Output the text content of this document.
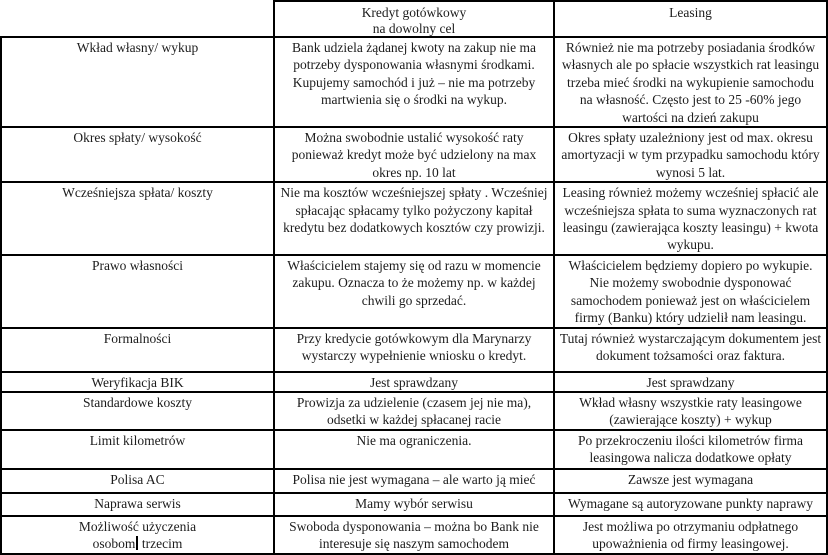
	Kredyt gotówkowy
na dowolny cel	Leasing
Wkład własny/ wykup	Bank udziela żądanej kwoty na zakup nie ma potrzeby dysponowania własnymi środkami. Kupujemy samochód i już – nie ma potrzeby martwienia się o środki na wykup.	Również nie ma potrzeby posiadania środków własnych ale po spłacie wszystkich rat leasingu trzeba mieć środki na wykupienie samochodu na własność. Często jest to 25 -60% jego wartości na dzień zakupu
Okres spłaty/ wysokość	Można swobodnie ustalić wysokość raty ponieważ kredyt może być udzielony na max okres np. 10 lat	Okres spłaty uzależniony jest od max. okresu amortyzacji w tym przypadku samochodu który wynosi 5 lat.
Wcześniejsza spłata/ koszty	Nie ma kosztów wcześniejszej spłaty . Wcześniej spłacając spłacamy tylko pożyczony kapitał kredytu bez dodatkowych kosztów czy prowizji.	Leasing również możemy wcześniej spłacić ale wcześniejsza spłata to suma wyznaczonych rat leasingu (zawierająca koszty leasingu) + kwota wykupu.
Prawo własności	Właścicielem stajemy się od razu w momencie zakupu. Oznacza to że możemy np. w każdej chwili go sprzedać.	Właścicielem będziemy dopiero po wykupie. Nie możemy swobodnie dysponować samochodem ponieważ jest on właścicielem firmy (Banku) który udzielił nam leasingu.
Formalności	Przy kredycie gotówkowym dla Marynarzy wystarczy wypełnienie wniosku o kredyt.	Tutaj również wystarczającym dokumentem jest dokument tożsamości oraz faktura.
Weryfikacja BIK	Jest sprawdzany	Jest sprawdzany
Standardowe koszty	Prowizja za udzielenie (czasem jej nie ma), odsetki w każdej spłacanej racie	Wkład własny wszystkie raty leasingowe (zawierające koszty) + wykup
Limit kilometrów	Nie ma ograniczenia.	Po przekroczeniu ilości kilometrów firma leasingowa nalicza dodatkowe opłaty
Polisa AC	Polisa nie jest wymagana – ale warto ją mieć	Zawsze jest wymagana
Naprawa serwis	Mamy wybór serwisu	Wymagane są autoryzowane punkty naprawy

Możliwość użyczenia
osobom trzecim	Swoboda dysponowania – można bo Bank nie interesuje się naszym samochodem	Jest możliwa po otrzymaniu odpłatnego upoważnienia od firmy leasingowej.
